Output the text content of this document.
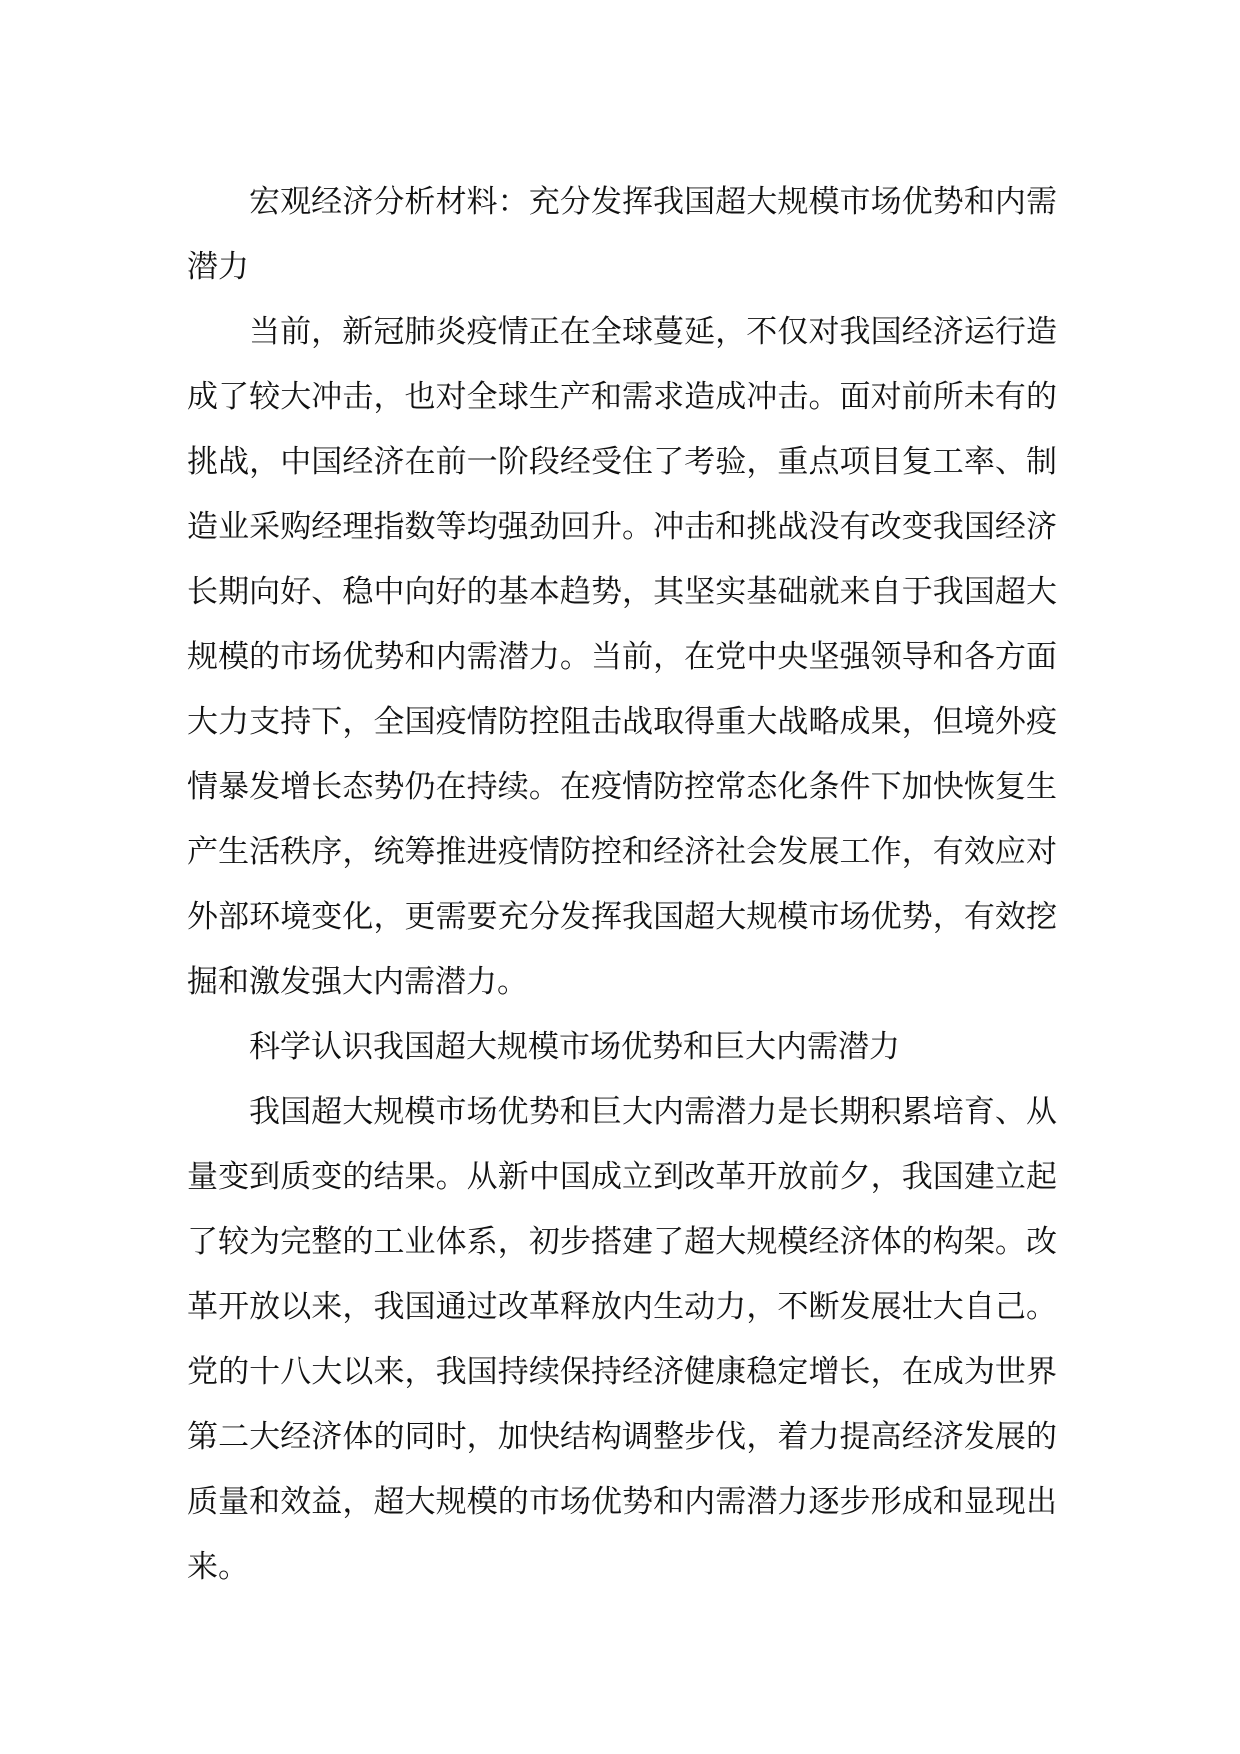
宏观经济分析材料：充分发挥我国超大规模市场优势和内需潜力

当前，新冠肺炎疫情正在全球蔓延，不仅对我国经济运行造成了较大冲击，也对全球生产和需求造成冲击。面对前所未有的挑战，中国经济在前一阶段经受住了考验，重点项目复工率、制造业采购经理指数等均强劲回升。冲击和挑战没有改变我国经济长期向好、稳中向好的基本趋势，其坚实基础就来自于我国超大规模的市场优势和内需潜力。当前，在党中央坚强领导和各方面大力支持下，全国疫情防控阻击战取得重大战略成果，但境外疫情暴发增长态势仍在持续。在疫情防控常态化条件下加快恢复生产生活秩序，统筹推进疫情防控和经济社会发展工作，有效应对外部环境变化，更需要充分发挥我国超大规模市场优势，有效挖掘和激发强大内需潜力。

科学认识我国超大规模市场优势和巨大内需潜力

我国超大规模市场优势和巨大内需潜力是长期积累培育、从量变到质变的结果。从新中国成立到改革开放前夕，我国建立起了较为完整的工业体系，初步搭建了超大规模经济体的构架。改革开放以来，我国通过改革释放内生动力，不断发展壮大自己。党的十八大以来，我国持续保持经济健康稳定增长，在成为世界第二大经济体的同时，加快结构调整步伐，着力提高经济发展的质量和效益，超大规模的市场优势和内需潜力逐步形成和显现出来。
